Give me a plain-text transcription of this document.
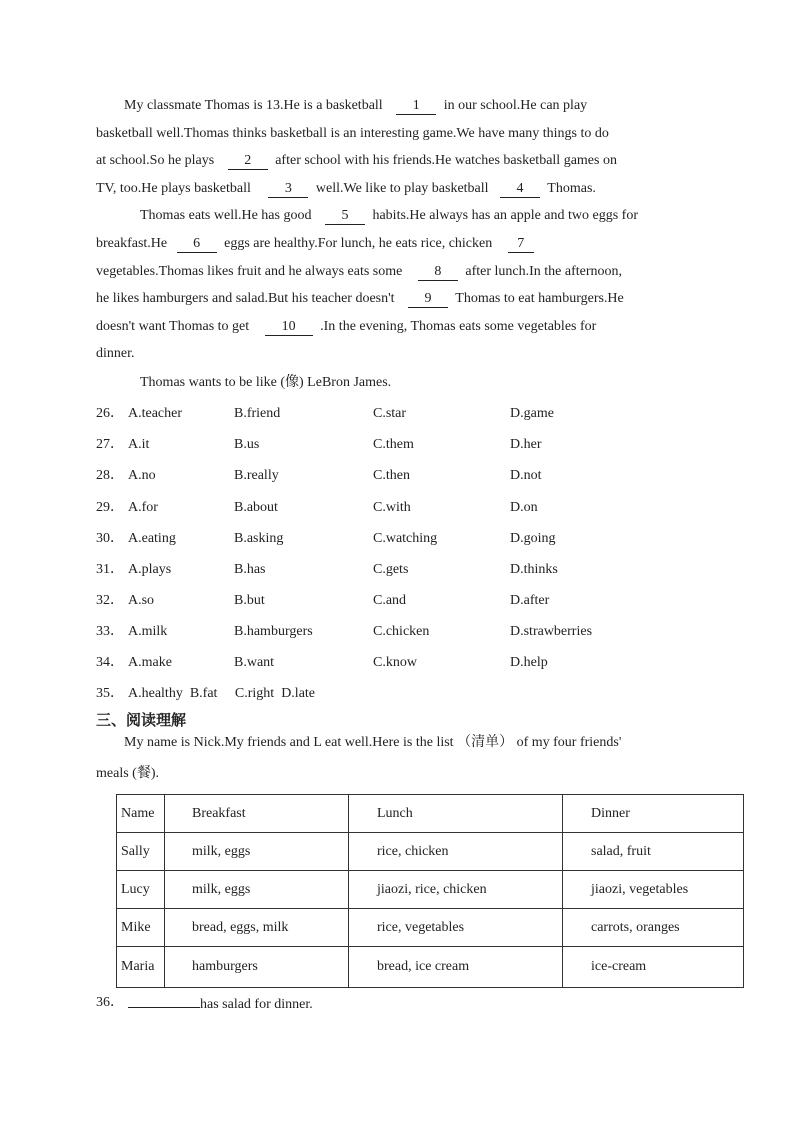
My classmate Thomas is 13.He is a basketball 1 in our school.He can play
basketball well.Thomas thinks basketball is an interesting game.We have many things to do
at school.So he plays 2 after school with his friends.He watches basketball games on
TV, too.He plays basketball 3 well.We like to play basketball 4 Thomas.
Thomas eats well.He has good 5 habits.He always has an apple and two eggs for
breakfast.He 6 eggs are healthy.For lunch, he eats rice, chicken 7
vegetables.Thomas likes fruit and he always eats some 8 after lunch.In the afternoon,
he likes hamburgers and salad.But his teacher doesn't 9 Thomas to eat hamburgers.He
doesn't want Thomas to get 10 .In the evening, Thomas eats some vegetables for
dinner.
Thomas wants to be like (像) LeBron James.
26． A.teacher	B.friend	C.star	D.game
27． A.it	B.us	C.them	D.her
28． A.no	B.really	C.then	D.not
29． A.for	B.about	C.with	D.on
30． A.eating	B.asking	C.watching	D.going
31． A.plays	B.has	C.gets	D.thinks
32． A.so	B.but	C.and	D.after
33． A.milk	B.hamburgers	C.chicken	D.strawberries
34． A.make	B.want	C.know	D.help
35． A.healthy  B.fat     C.right  D.late
三、阅读理解
My name is Nick.My friends and L eat well.Here is the list （清单） of my four friends'
meals (餐).
Name	Breakfast	Lunch	Dinner
Sally	milk, eggs	rice, chicken	salad, fruit
Lucy	milk, eggs	jiaozi, rice, chicken	jiaozi, vegetables
Mike	bread, eggs, milk	rice, vegetables	carrots, oranges
Maria	hamburgers	bread, ice cream	ice-cream
36．	has salad for dinner.
